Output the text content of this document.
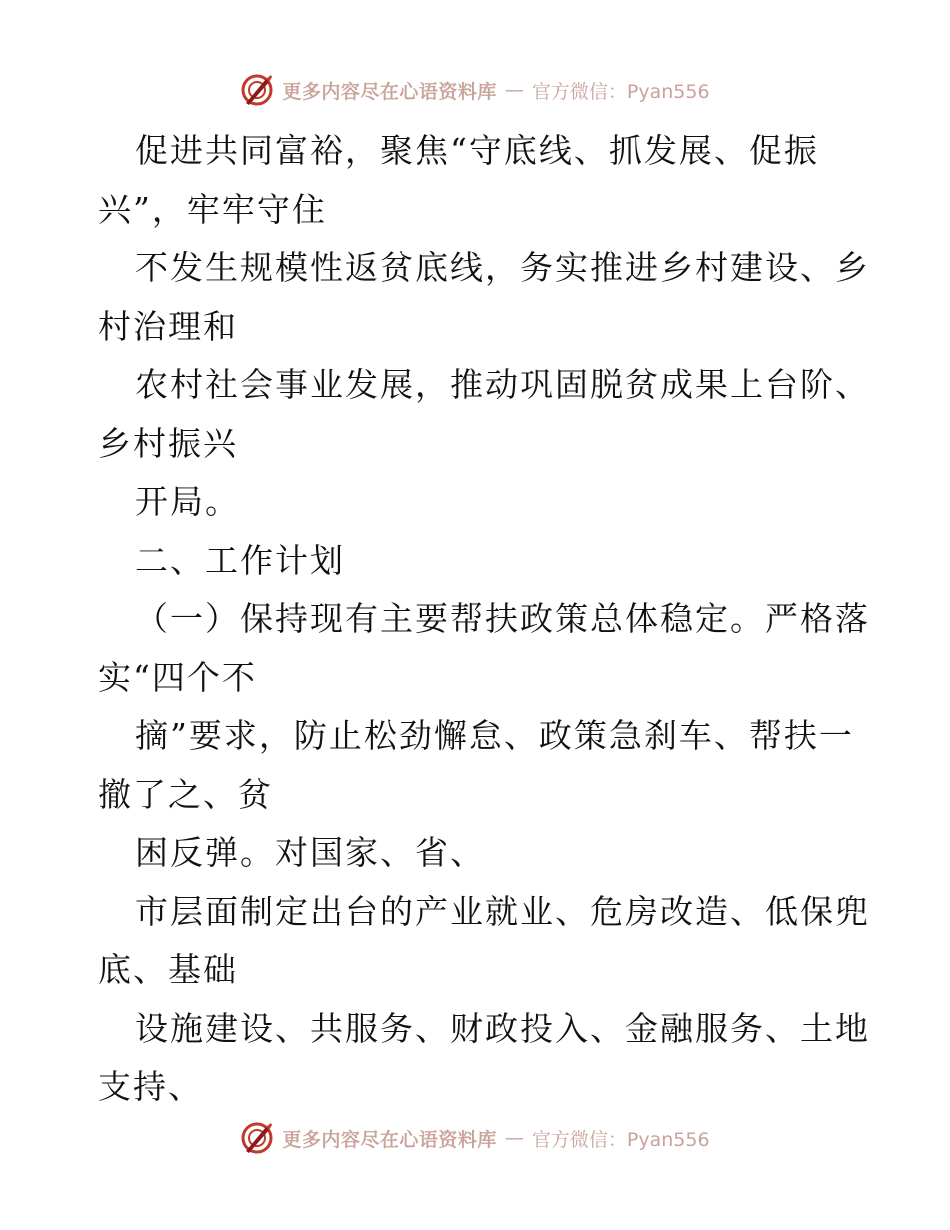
更多内容尽在心语资料库 — 官方微信：Pyan556
促进共同富裕，聚焦“守底线、抓发展、促振
兴”，牢牢守住
不发生规模性返贫底线，务实推进乡村建设、乡
村治理和
农村社会事业发展，推动巩固脱贫成果上台阶、
乡村振兴
开局。
二、工作计划
（一）保持现有主要帮扶政策总体稳定。严格落
实“四个不
摘”要求，防止松劲懈怠、政策急刹车、帮扶一
撤了之、贫
困反弹。对国家、省、
市层面制定出台的产业就业、危房改造、低保兜
底、基础
设施建设、共服务、财政投入、金融服务、土地
支持、
更多内容尽在心语资料库 — 官方微信：Pyan556
